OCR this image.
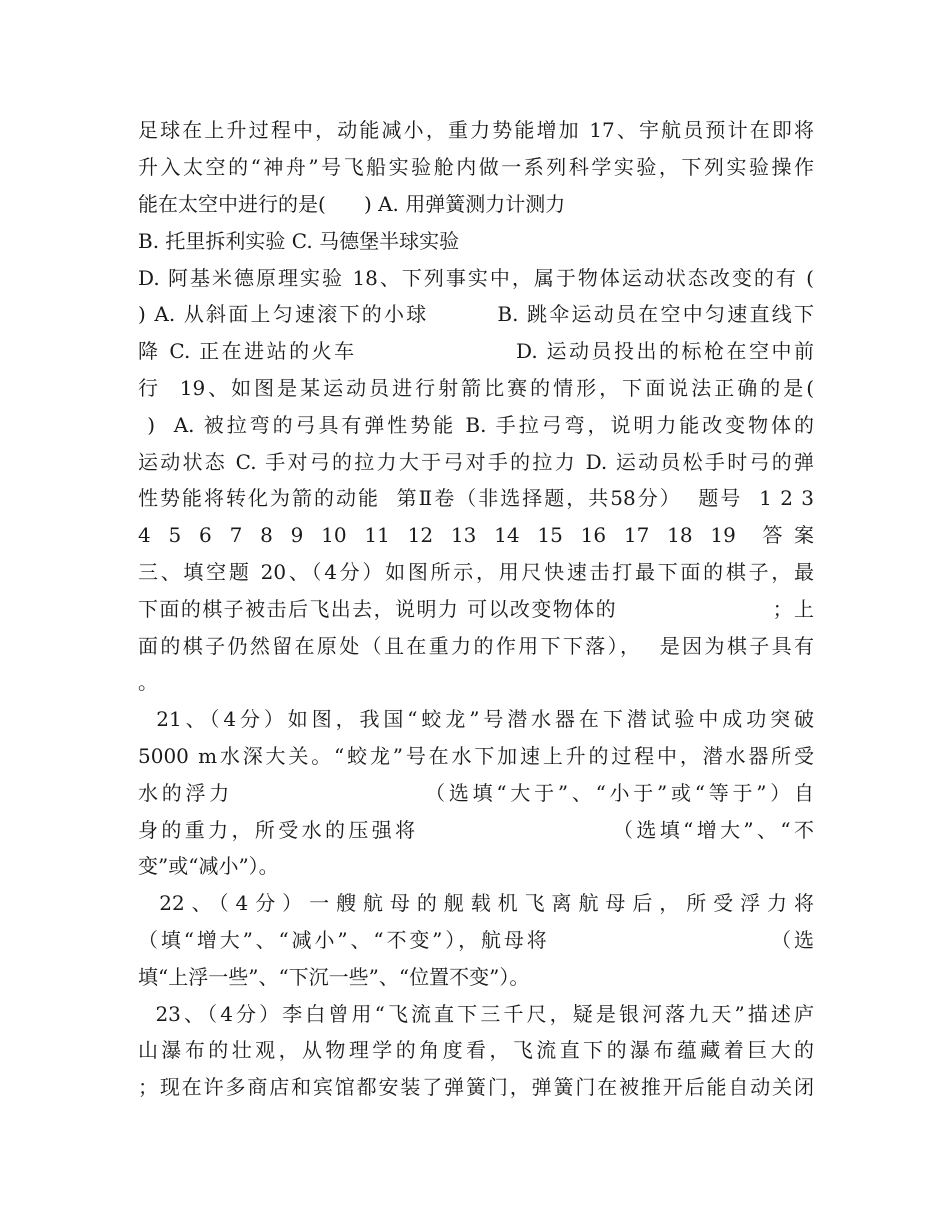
足球在上升过程中，动能减小，重力势能增加 17、宇航员预计在即将
升入太空的“神舟”号飞船实验舱内做一系列科学实验，下列实验操作
能在太空中进行的是(      ) A. 用弹簧测力计测力
B. 托里拆利实验 C. 马德堡半球实验
D. 阿基米德原理实验 18、下列事实中，属于物体运动状态改变的有 (
) A. 从斜面上匀速滚下的小球        B. 跳伞运动员在空中匀速直线下
降 C. 正在进站的火车                  D. 运动员投出的标枪在空中前
行  19、如图是某运动员进行射箭比赛的情形，下面说法正确的是(
)  A. 被拉弯的弓具有弹性势能 B. 手拉弓弯，说明力能改变物体的
运动状态 C. 手对弓的拉力大于弓对手的拉力 D. 运动员松手时弓的弹
性势能将转化为箭的动能  第Ⅱ卷（非选择题，共58分）  题号  1 2 3
4  5  6  7  8  9  10  11  12  13  14  15  16  17  18  19   答 案
三、填空题 20、（4分）如图所示，用尺快速击打最下面的棋子，最
下面的棋子被击后飞出去，说明力 可以改变物体的                    ；上
面的棋子仍然留在原处（且在重力的作用下下落），  是因为棋子具有
。
21、（4分）如图，我国“蛟龙”号潜水器在下潜试验中成功突破
5000 m水深大关。“蛟龙”号在水下加速上升的过程中，潜水器所受
水的浮力                   （选填“大于”、“小于”或“等于”）自
身的重力，所受水的压强将                    （选填“增大”、“不
变”或“减小”）。
22、（4分）一艘航母的舰载机飞离航母后，所受浮力将
（填“增大”、“减小”、“不变”），航母将                        （选
填“上浮一些”、“下沉一些”、“位置不变”）。
23、（4分）李白曾用“飞流直下三千尺，疑是银河落九天”描述庐
山瀑布的壮观，从物理学的角度看，飞流直下的瀑布蕴藏着巨大的
；现在许多商店和宾馆都安装了弹簧门，弹簧门在被推开后能自动关闭
